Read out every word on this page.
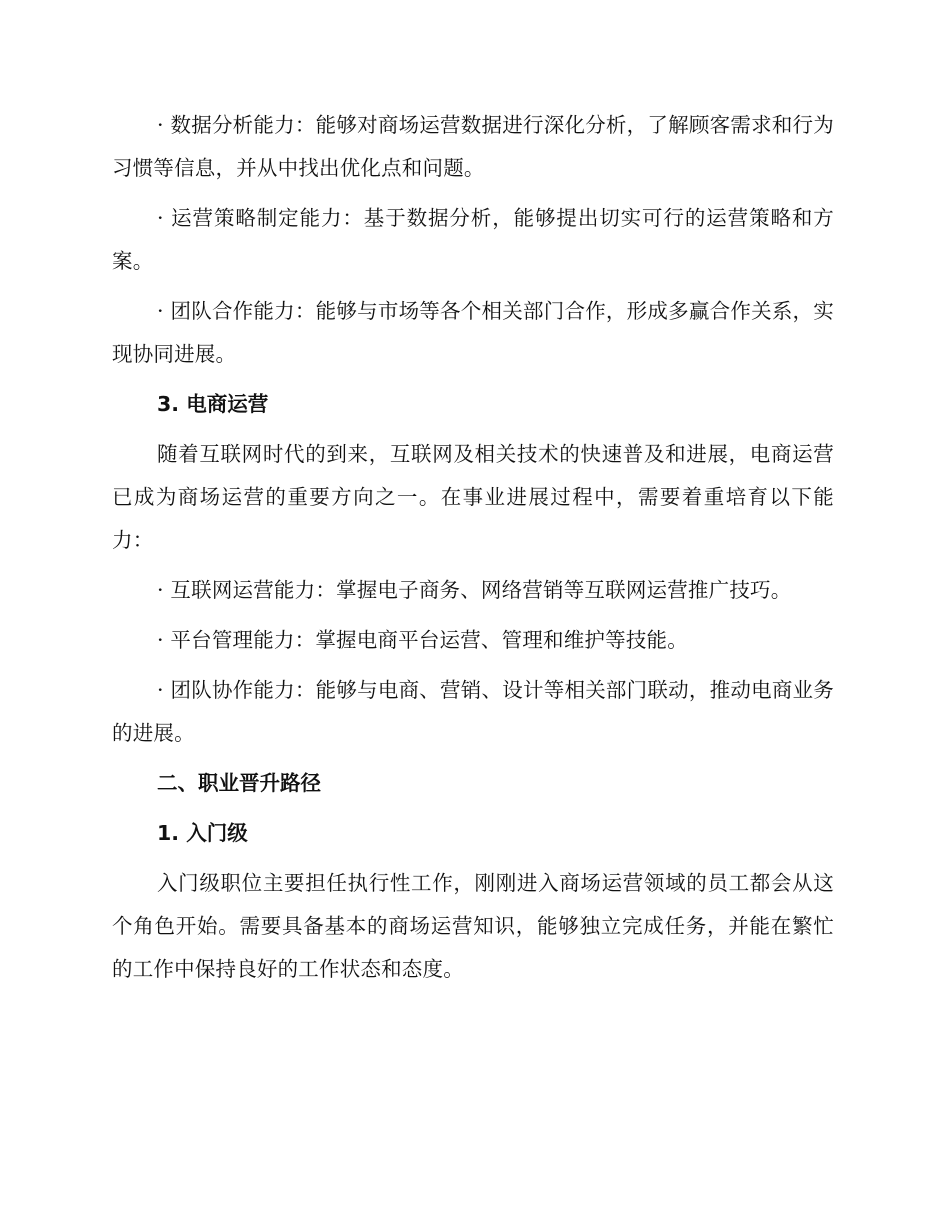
· 数据分析能力：能够对商场运营数据进行深化分析，了解顾客需求和行为习惯等信息，并从中找出优化点和问题。

· 运营策略制定能力：基于数据分析，能够提出切实可行的运营策略和方案。

· 团队合作能力：能够与市场等各个相关部门合作，形成多赢合作关系，实现协同进展。

3. 电商运营

随着互联网时代的到来，互联网及相关技术的快速普及和进展，电商运营已成为商场运营的重要方向之一。在事业进展过程中，需要着重培育以下能力：

· 互联网运营能力：掌握电子商务、网络营销等互联网运营推广技巧。

· 平台管理能力：掌握电商平台运营、管理和维护等技能。

· 团队协作能力：能够与电商、营销、设计等相关部门联动，推动电商业务的进展。

二、职业晋升路径

1. 入门级

入门级职位主要担任执行性工作，刚刚进入商场运营领域的员工都会从这个角色开始。需要具备基本的商场运营知识，能够独立完成任务，并能在繁忙的工作中保持良好的工作状态和态度。
